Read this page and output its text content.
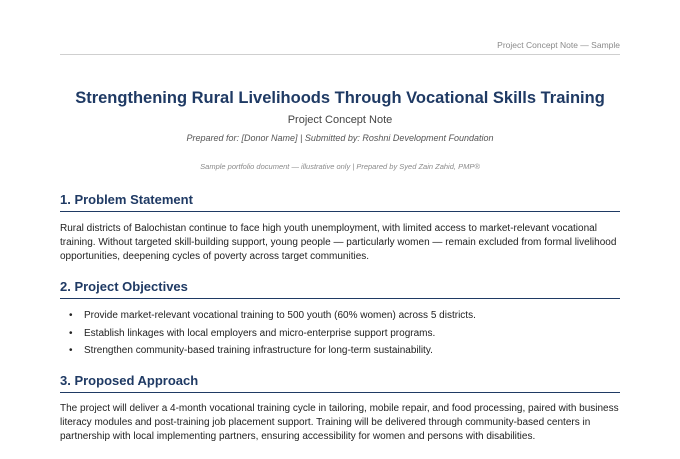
Project Concept Note — Sample
Strengthening Rural Livelihoods Through Vocational Skills Training
Project Concept Note
Prepared for: [Donor Name] | Submitted by: Roshni Development Foundation
Sample portfolio document — illustrative only | Prepared by Syed Zain Zahid, PMP®
1. Problem Statement
Rural districts of Balochistan continue to face high youth unemployment, with limited access to market-relevant vocational training. Without targeted skill-building support, young people — particularly women — remain excluded from formal livelihood opportunities, deepening cycles of poverty across target communities.
2. Project Objectives
• Provide market-relevant vocational training to 500 youth (60% women) across 5 districts.
• Establish linkages with local employers and micro-enterprise support programs.
• Strengthen community-based training infrastructure for long-term sustainability.
3. Proposed Approach
The project will deliver a 4-month vocational training cycle in tailoring, mobile repair, and food processing, paired with business literacy modules and post-training job placement support. Training will be delivered through community-based centers in partnership with local implementing partners, ensuring accessibility for women and persons with disabilities.
